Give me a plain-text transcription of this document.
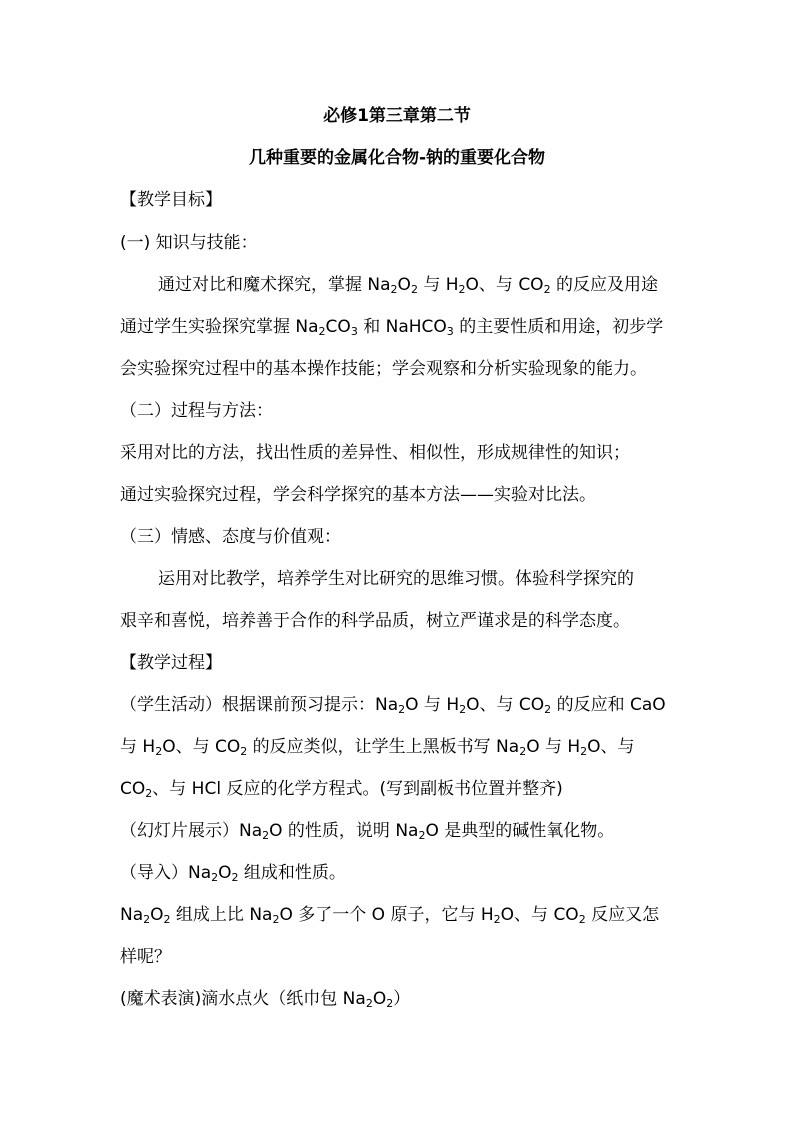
必修1第三章第二节
几种重要的金属化合物-钠的重要化合物
【教学目标】
(一) 知识与技能：
通过对比和魔术探究，掌握 $Na_2O_2$ 与 $H_2O$、与 $CO_2$ 的反应及用途
通过学生实验探究掌握 $Na_2CO_3$ 和 NaHCO$_3$ 的主要性质和用途，初步学
会实验探究过程中的基本操作技能；学会观察和分析实验现象的能力。
（二）过程与方法：
采用对比的方法，找出性质的差异性、相似性，形成规律性的知识；
通过实验探究过程，学会科学探究的基本方法——实验对比法。
（三）情感、态度与价值观：
运用对比教学，培养学生对比研究的思维习惯。体验科学探究的
艰辛和喜悦，培养善于合作的科学品质，树立严谨求是的科学态度。
【教学过程】
（学生活动）根据课前预习提示：$Na_2O$ 与 $H_2O$、与 $CO_2$ 的反应和 CaO
与 $H_2O$、与 $CO_2$ 的反应类似，让学生上黑板书写 $Na_2O$ 与 $H_2O$、与
$CO_2$、与 HCl 反应的化学方程式。(写到副板书位置并整齐)
（幻灯片展示）$Na_2O$ 的性质，说明 $Na_2O$ 是典型的碱性氧化物。
（导入）$Na_2O_2$ 组成和性质。
$Na_2O_2$ 组成上比 $Na_2O$ 多了一个 O 原子，它与 $H_2O$、与 $CO_2$ 反应又怎
样呢？
(魔术表演)滴水点火（纸巾包 $Na_2O_2$）
